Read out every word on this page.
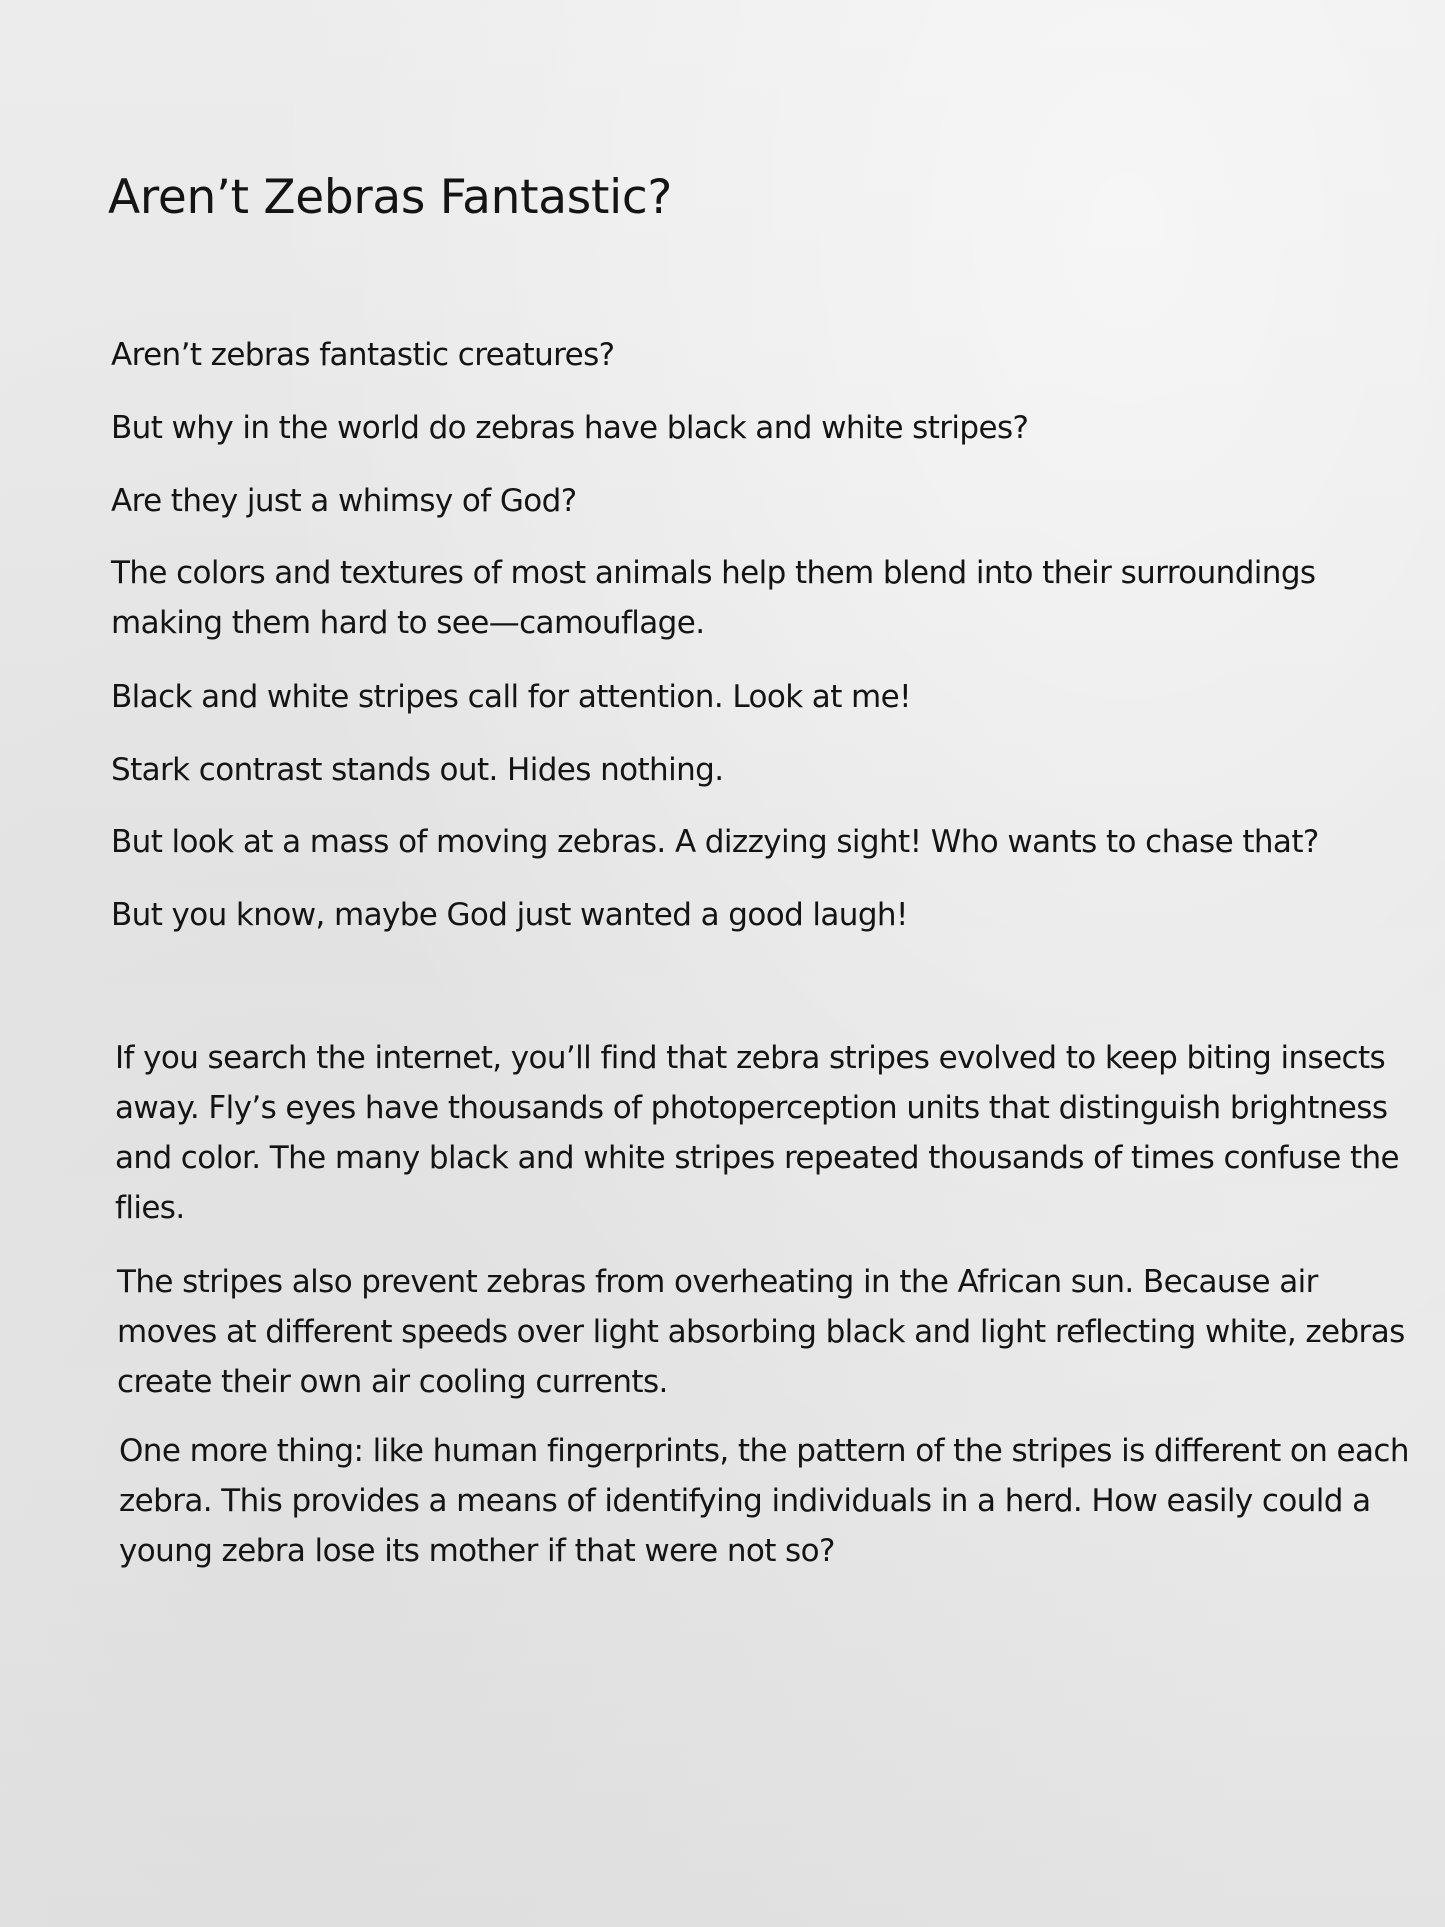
Aren’t Zebras Fantastic?

Aren’t zebras fantastic creatures?

But why in the world do zebras have black and white stripes?

Are they just a whimsy of God?

The colors and textures of most animals help them blend into their surroundings making them hard to see—camouflage.

Black and white stripes call for attention. Look at me!

Stark contrast stands out. Hides nothing.

But look at a mass of moving zebras. A dizzying sight! Who wants to chase that?

But you know, maybe God just wanted a good laugh!

If you search the internet, you’ll find that zebra stripes evolved to keep biting insects away. Fly’s eyes have thousands of photoperception units that distinguish brightness and color. The many black and white stripes repeated thousands of times confuse the flies.

The stripes also prevent zebras from overheating in the African sun. Because air moves at different speeds over light absorbing black and light reflecting white, zebras create their own air cooling currents.

One more thing: like human fingerprints, the pattern of the stripes is different on each zebra. This provides a means of identifying individuals in a herd. How easily could a young zebra lose its mother if that were not so?
